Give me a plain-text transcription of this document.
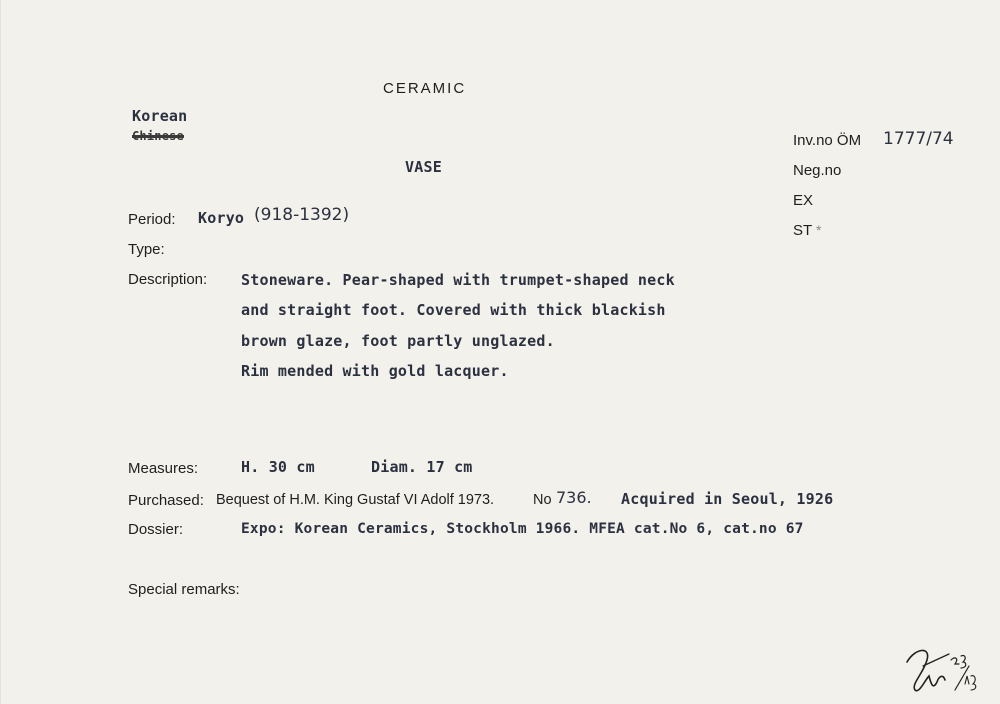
CERAMIC
Korean
Chinese
VASE
Inv.no ÖM 1777/74
Neg.no
EX
ST *
Period: Koryo (918-1392)
Type:
Description: Stoneware. Pear-shaped with trumpet-shaped neck
and straight foot. Covered with thick blackish
brown glaze, foot partly unglazed.
Rim mended with gold lacquer.
Measures:	H. 30 cm	Diam. 17 cm
Purchased: Bequest of H.M. King Gustaf VI Adolf 1973.	No 736. Acquired in Seoul, 1926
Dossier:	Expo: Korean Ceramics, Stockholm 1966. MFEA cat.No 6, cat.no 67
Special remarks:
